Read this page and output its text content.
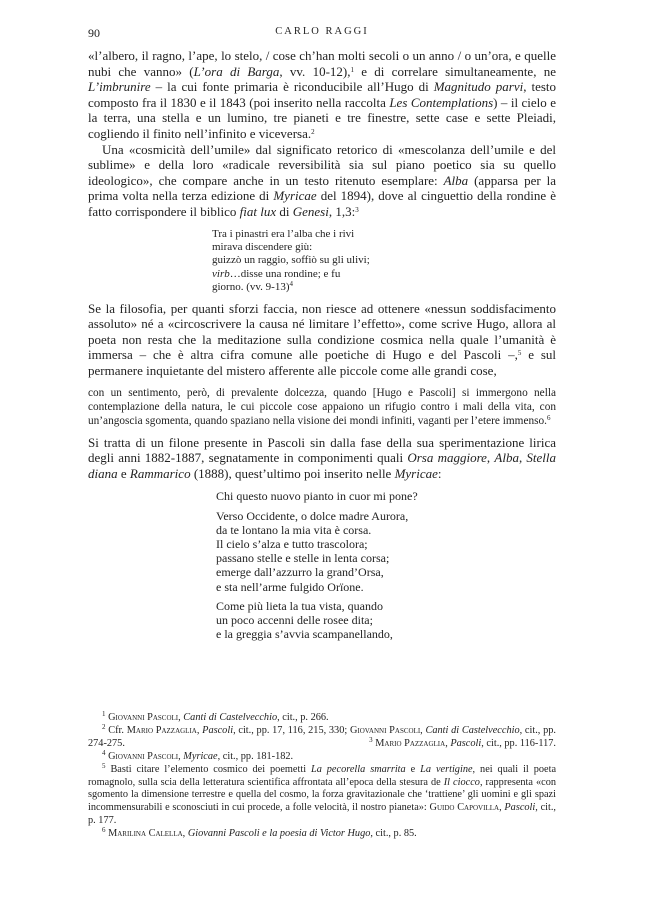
90	CARLO RAGGI

«l’albero, il ragno, l’ape, lo stelo, / cose ch’han molti secoli o un anno / o un’ora, e quelle nubi che vanno» (L’ora di Barga, vv. 10-12),$^1$ e di correlare simultaneamente, ne L’imbrunire – la cui fonte primaria è riconducibile all’Hugo di Magnitudo parvi, testo composto fra il 1830 e il 1843 (poi inserito nella raccolta Les Contemplations) – il cielo e la terra, una stella e un lumino, tre pianeti e tre finestre, sette case e sette Pleiadi, cogliendo il finito nell’infinito e viceversa.$^2$

Una «cosmicità dell’umile» dal significato retorico di «mescolanza dell’umile e del sublime» e della loro «radicale reversibilità sia sul piano poetico sia su quello ideologico», che compare anche in un testo ritenuto esemplare: Alba (apparsa per la prima volta nella terza edizione di Myricae del 1894), dove al cinguettio della rondine è fatto corrispondere il biblico fiat lux di Genesi, 1,3:$^3$

Tra i pinastri era l’alba che i rivi
mirava discendere giù:
guizzò un raggio, soffiò su gli ulivi;
virb…disse una rondine; e fu
giorno. (vv. 9-13)$^4$

Se la filosofia, per quanti sforzi faccia, non riesce ad ottenere «nessun soddisfacimento assoluto» né a «circoscrivere la causa né limitare l’effetto», come scrive Hugo, allora al poeta non resta che la meditazione sulla condizione cosmica nella quale l’umanità è immersa – che è altra cifra comune alle poetiche di Hugo e del Pascoli –,$^5$ e sul permanere inquietante del mistero afferente alle piccole come alle grandi cose,

con un sentimento, però, di prevalente dolcezza, quando [Hugo e Pascoli] si immergono nella contemplazione della natura, le cui piccole cose appaiono un rifugio contro i mali della vita, con un’angoscia sgomenta, quando spaziano nella visione dei mondi infiniti, vaganti per l’etere immenso.$^6$

Si tratta di un filone presente in Pascoli sin dalla fase della sua sperimentazione lirica degli anni 1882-1887, segnatamente in componimenti quali Orsa maggiore, Alba, Stella diana e Rammarico (1888), quest’ultimo poi inserito nelle Myricae:

Chi questo nuovo pianto in cuor mi pone?
Verso Occidente, o dolce madre Aurora,
da te lontano la mia vita è corsa.
Il cielo s’alza e tutto trascolora;
passano stelle e stelle in lenta corsa;
emerge dall’azzurro la grand’Orsa,
e sta nell’arme fulgido Orïone.
Come più lieta la tua vista, quando
un poco accenni delle rosee dita;
e la greggia s’avvia scampanellando,

$^1$ Giovanni Pascoli, Canti di Castelvecchio, cit., p. 266.

$^2$ Cfr. Mario Pazzaglia, Pascoli, cit., pp. 17, 116, 215, 330; Giovanni Pascoli, Canti di Castelvecchio, cit., pp. 274-275.	$^3$ Mario Pazzaglia, Pascoli, cit., pp. 116-117.

$^4$ Giovanni Pascoli, Myricae, cit., pp. 181-182.

$^5$ Basti citare l’elemento cosmico dei poemetti La pecorella smarrita e La vertigine, nei quali il poeta romagnolo, sulla scia della letteratura scientifica affrontata all’epoca della stesura de Il ciocco, rappresenta «con sgomento la dimensione terrestre e quella del cosmo, la forza gravitazionale che ‘trattiene’ gli uomini e gli spazi incommensurabili e sconosciuti in cui procede, a folle velocità, il nostro pianeta»: Guido Capovilla, Pascoli, cit., p. 177.

$^6$ Marilina Calella, Giovanni Pascoli e la poesia di Victor Hugo, cit., p. 85.
